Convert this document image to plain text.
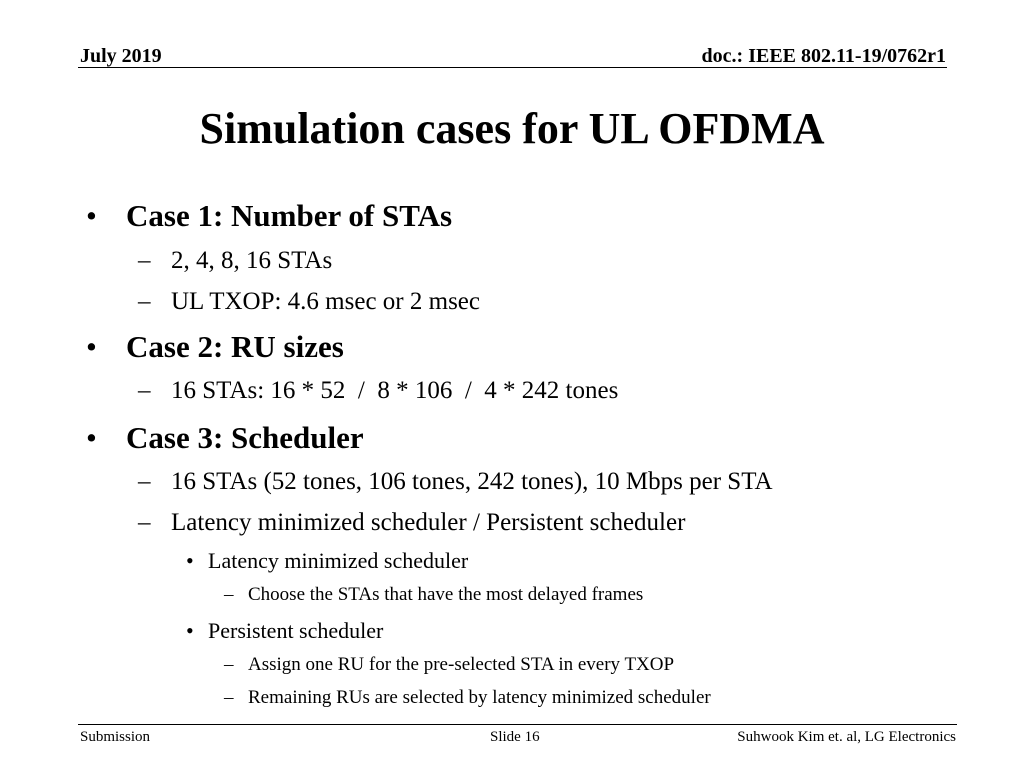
July 2019	doc.: IEEE 802.11-19/0762r1
Simulation cases for UL OFDMA
• Case 1: Number of STAs
– 2, 4, 8, 16 STAs
– UL TXOP: 4.6 msec or 2 msec
• Case 2: RU sizes
– 16 STAs: 16 * 52  /  8 * 106  /  4 * 242 tones
• Case 3: Scheduler
– 16 STAs (52 tones, 106 tones, 242 tones), 10 Mbps per STA
– Latency minimized scheduler / Persistent scheduler
• Latency minimized scheduler
– Choose the STAs that have the most delayed frames
• Persistent scheduler
– Assign one RU for the pre-selected STA in every TXOP
– Remaining RUs are selected by latency minimized scheduler
Submission	Slide 16	Suhwook Kim et. al, LG Electronics
